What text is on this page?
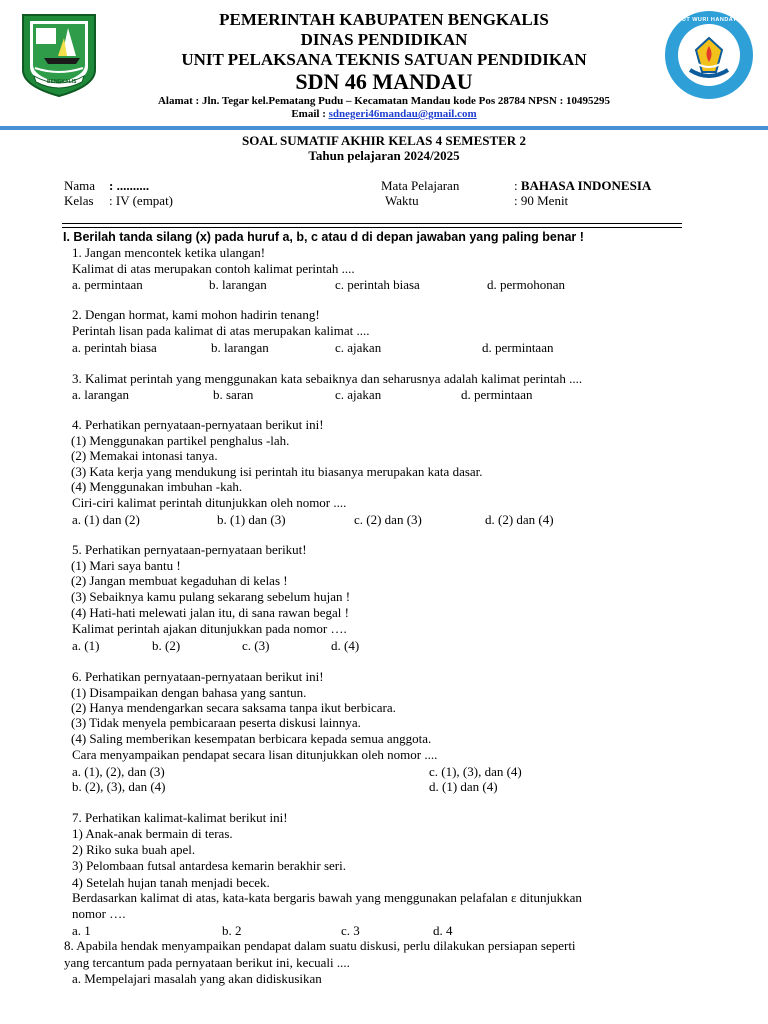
BENGKALIS
TUT WURI HANDAYANI
PEMERINTAH KABUPATEN BENGKALIS
DINAS PENDIDIKAN
UNIT PELAKSANA TEKNIS SATUAN PENDIDIKAN
SDN 46 MANDAU
Alamat : Jln. Tegar kel.Pematang Pudu – Kecamatan Mandau kode Pos 28784 NPSN : 10495295
Email : sdnegeri46mandau@gmail.com
SOAL SUMATIF AKHIR KELAS 4 SEMESTER 2
Tahun pelajaran 2024/2025
Nama : ..........
Kelas : IV (empat)
Mata Pelajaran	: BAHASA INDONESIA
Waktu	: 90 Menit
I. Berilah tanda silang (x) pada huruf a, b, c atau d di depan jawaban yang paling benar !
1. Jangan mencontek ketika ulangan!
Kalimat di atas merupakan contoh kalimat perintah ....
a. permintaan	b. larangan	c. perintah biasa	d. permohonan
2. Dengan hormat, kami mohon hadirin tenang!
Perintah lisan pada kalimat di atas merupakan kalimat ....
a. perintah biasa	b. larangan	c. ajakan	d. permintaan
3. Kalimat perintah yang menggunakan kata sebaiknya dan seharusnya adalah kalimat perintah ....
a. larangan	b. saran	c. ajakan	d. permintaan
4. Perhatikan pernyataan-pernyataan berikut ini!
(1) Menggunakan partikel penghalus -lah.
(2) Memakai intonasi tanya.
(3) Kata kerja yang mendukung isi perintah itu biasanya merupakan kata dasar.
(4) Menggunakan imbuhan -kah.
Ciri-ciri kalimat perintah ditunjukkan oleh nomor ....
a. (1) dan (2)	b. (1) dan (3)	c. (2) dan (3)	d. (2) dan (4)
5. Perhatikan pernyataan-pernyataan berikut!
(1) Mari saya bantu !
(2) Jangan membuat kegaduhan di kelas !
(3) Sebaiknya kamu pulang sekarang sebelum hujan !
(4) Hati-hati melewati jalan itu, di sana rawan begal !
Kalimat perintah ajakan ditunjukkan pada nomor ….
a. (1)	b. (2)	c. (3)	d. (4)
6. Perhatikan pernyataan-pernyataan berikut ini!
(1) Disampaikan dengan bahasa yang santun.
(2) Hanya mendengarkan secara saksama tanpa ikut berbicara.
(3) Tidak menyela pembicaraan peserta diskusi lainnya.
(4) Saling memberikan kesempatan berbicara kepada semua anggota.
Cara menyampaikan pendapat secara lisan ditunjukkan oleh nomor ....
a. (1), (2), dan (3)	c. (1), (3), dan (4)
b. (2), (3), dan (4)	d. (1) dan (4)
7. Perhatikan kalimat-kalimat berikut ini!
1) Anak-anak bermain di teras.
2) Riko suka buah apel.
3) Pelombaan futsal antardesa kemarin berakhir seri.
4) Setelah hujan tanah menjadi becek.
Berdasarkan kalimat di atas, kata-kata bergaris bawah yang menggunakan pelafalan ε ditunjukkan
nomor ….
a. 1	b. 2	c. 3	d. 4
8. Apabila hendak menyampaikan pendapat dalam suatu diskusi, perlu dilakukan persiapan seperti
yang tercantum pada pernyataan berikut ini, kecuali ....
a. Mempelajari masalah yang akan didiskusikan
